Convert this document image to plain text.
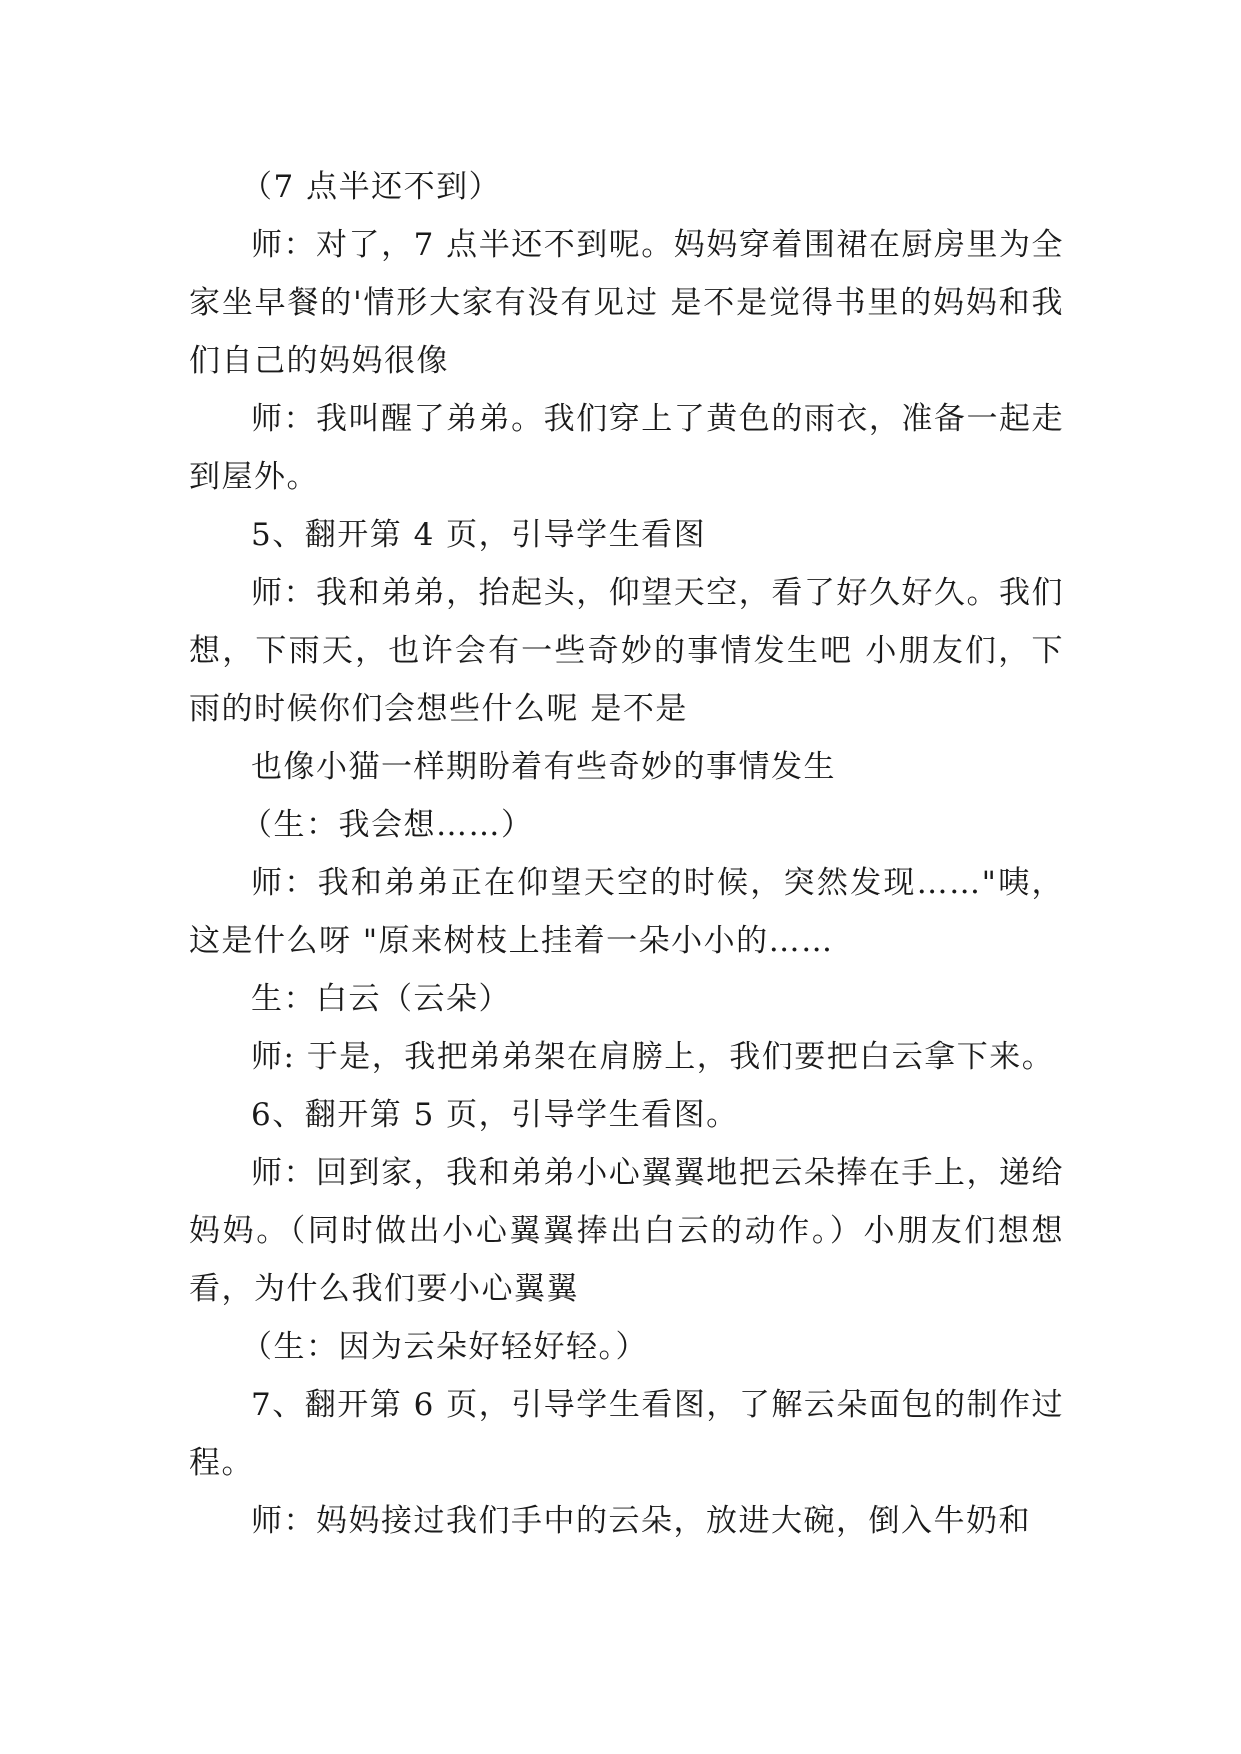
（7 点半还不到）

师：对了，7 点半还不到呢。妈妈穿着围裙在厨房里为全家坐早餐的'情形大家有没有见过 是不是觉得书里的妈妈和我们自己的妈妈很像

师：我叫醒了弟弟。我们穿上了黄色的雨衣，准备一起走到屋外。

5、翻开第 4 页，引导学生看图

师：我和弟弟，抬起头，仰望天空，看了好久好久。我们想，下雨天，也许会有一些奇妙的事情发生吧 小朋友们，下雨的时候你们会想些什么呢 是不是

也像小猫一样期盼着有些奇妙的事情发生

（生：我会想……）

师：我和弟弟正在仰望天空的时候，突然发现……"咦，这是什么呀 "原来树枝上挂着一朵小小的……

生：白云（云朵）

师: 于是，我把弟弟架在肩膀上，我们要把白云拿下来。

6、翻开第 5 页，引导学生看图。

师：回到家，我和弟弟小心翼翼地把云朵捧在手上，递给妈妈。（同时做出小心翼翼捧出白云的动作。）小朋友们想想看，为什么我们要小心翼翼

（生：因为云朵好轻好轻。）

7、翻开第 6 页，引导学生看图，了解云朵面包的制作过程。

师：妈妈接过我们手中的云朵，放进大碗，倒入牛奶和
